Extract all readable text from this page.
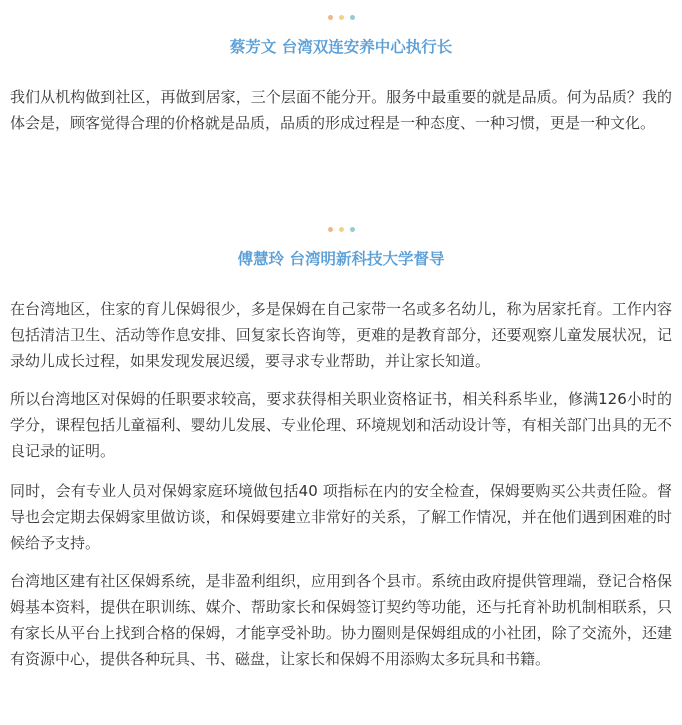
蔡芳文 台湾双连安养中心执行长

我们从机构做到社区，再做到居家，三个层面不能分开。服务中最重要的就是品质。何为品质？我的体会是，顾客觉得合理的价格就是品质，品质的形成过程是一种态度、一种习惯，更是一种文化。

傅慧玲 台湾明新科技大学督导

在台湾地区，住家的育儿保姆很少，多是保姆在自己家带一名或多名幼儿，称为居家托育。工作内容包括清洁卫生、活动等作息安排、回复家长咨询等，更难的是教育部分，还要观察儿童发展状况，记录幼儿成长过程，如果发现发展迟缓，要寻求专业帮助，并让家长知道。

所以台湾地区对保姆的任职要求较高，要求获得相关职业资格证书，相关科系毕业，修满126小时的学分，课程包括儿童福利、婴幼儿发展、专业伦理、环境规划和活动设计等，有相关部门出具的无不良记录的证明。

同时，会有专业人员对保姆家庭环境做包括40 项指标在内的安全检查，保姆要购买公共责任险。督导也会定期去保姆家里做访谈，和保姆要建立非常好的关系，了解工作情况，并在他们遇到困难的时候给予支持。

台湾地区建有社区保姆系统，是非盈利组织，应用到各个县市。系统由政府提供管理端，登记合格保姆基本资料，提供在职训练、媒介、帮助家长和保姆签订契约等功能，还与托育补助机制相联系，只有家长从平台上找到合格的保姆，才能享受补助。协力圈则是保姆组成的小社团，除了交流外，还建有资源中心，提供各种玩具、书、磁盘，让家长和保姆不用添购太多玩具和书籍。
